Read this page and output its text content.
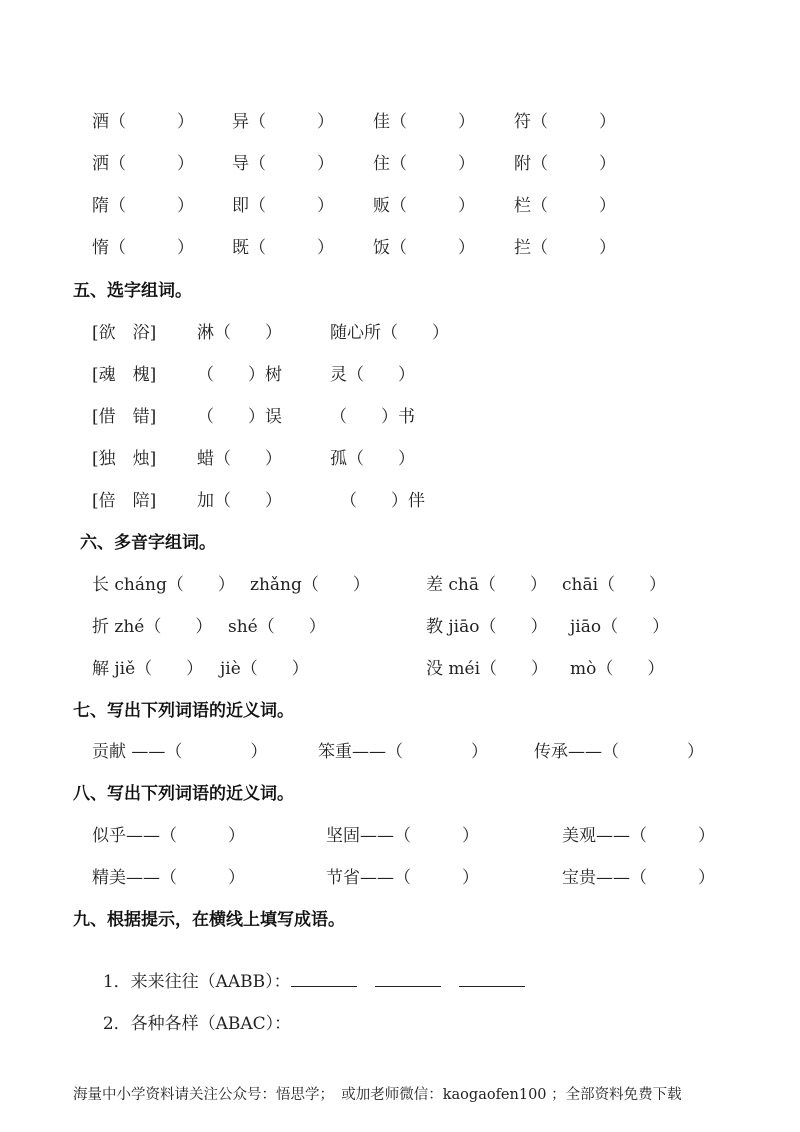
酒（　　　） 异（　　　） 佳（　　　） 符（　　　）
洒（　　　） 导（　　　） 住（　　　） 附（　　　）
隋（　　　） 即（　　　） 贩（　　　） 栏（　　　）
惰（　　　） 既（　　　） 饭（　　　） 拦（　　　）
五、选字组词。
[欲　浴] 淋（　　）	随心所（　　）
[魂　槐] （　　）树	灵（　　）
[借　错] （　　）误	（　　）书
[独　烛] 蜡（　　）	孤（　　）
[倍　陪] 加（　　）	（　　）伴
六、多音字组词。
长 cháng（　　） zhǎng（　　）	差 chā（　　） chāi（　　）
折 zhé（　　） shé（　　）	教 jiāo（　　） jiāo（　　）
解 jiě（　　） jiè（　　）	没 méi（　　） mò（　　）
七、写出下列词语的近义词。
贡献 ——（　　　　）	笨重——（　　　　）	传承——（　　　　）
八、写出下列词语的近义词。
似乎——（　　　）	坚固——（　　　）	美观——（　　　）
精美——（　　　）	节省——（　　　）	宝贵——（　　　）
九、根据提示，在横线上填写成语。

1．来来往往（AABB）：

2．各种各样（ABAC）：

海量中小学资料请关注公众号：悟思学；　或加老师微信：kaogaofen100 ；全部资料免费下载
